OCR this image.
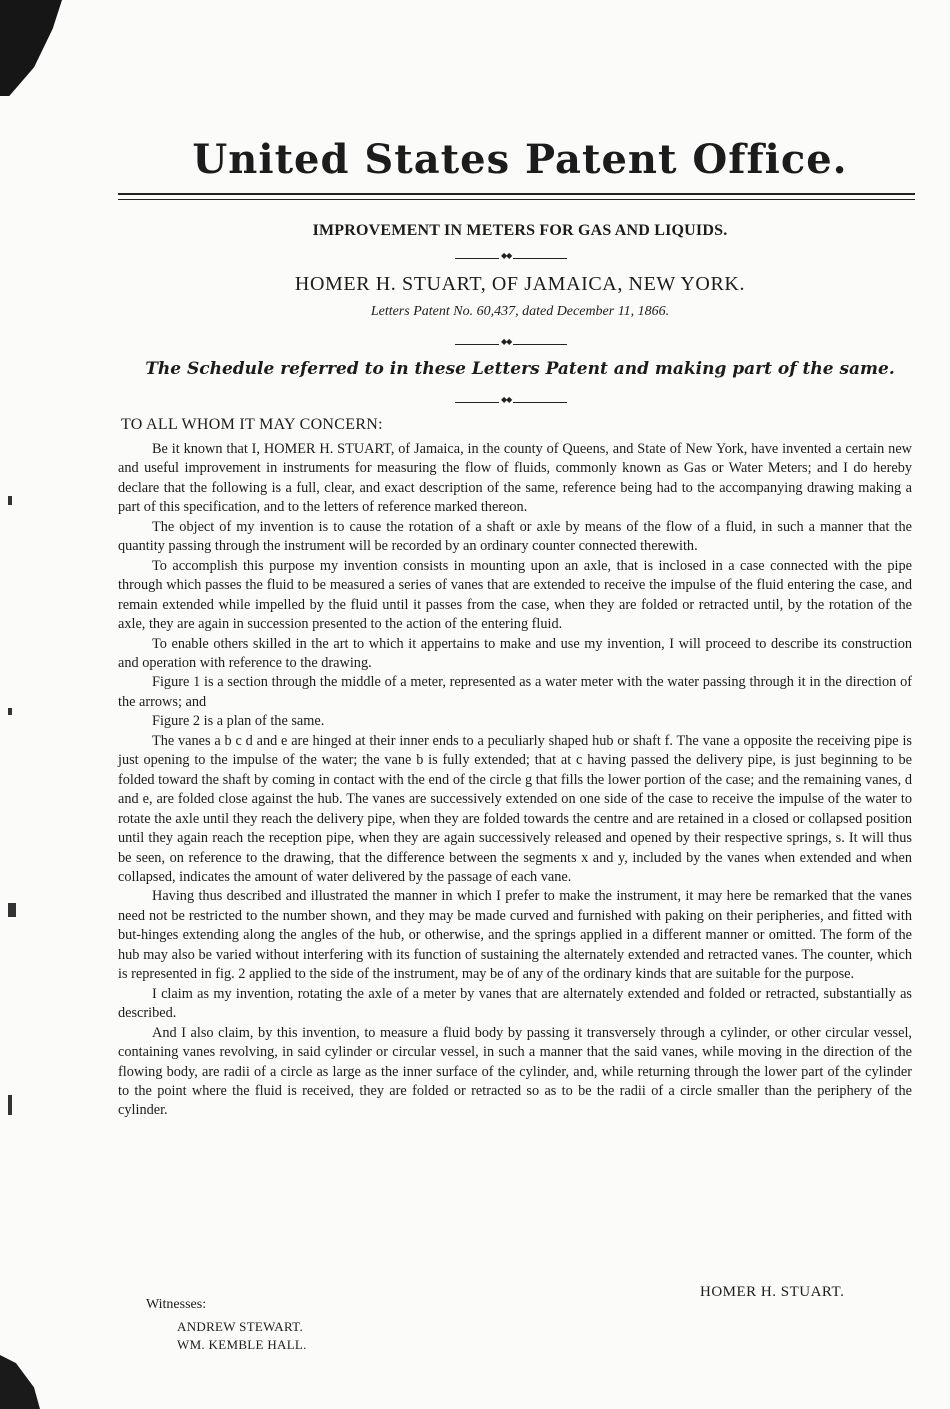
United States Patent Office.
IMPROVEMENT IN METERS FOR GAS AND LIQUIDS.
◆◆
HOMER H. STUART, OF JAMAICA, NEW YORK.
Letters Patent No. 60,437, dated December 11, 1866.
◆◆
The Schedule referred to in these Letters Patent and making part of the same.
◆◆
TO ALL WHOM IT MAY CONCERN:

Be it known that I, HOMER H. STUART, of Jamaica, in the county of Queens, and State of New York, have invented a certain new and useful improvement in instruments for measuring the flow of fluids, commonly known as Gas or Water Meters; and I do hereby declare that the following is a full, clear, and exact description of the same, reference being had to the accompanying drawing making a part of this specification, and to the letters of reference marked thereon.

The object of my invention is to cause the rotation of a shaft or axle by means of the flow of a fluid, in such a manner that the quantity passing through the instrument will be recorded by an ordinary counter connected therewith.

To accomplish this purpose my invention consists in mounting upon an axle, that is inclosed in a case connected with the pipe through which passes the fluid to be measured a series of vanes that are extended to receive the impulse of the fluid entering the case, and remain extended while impelled by the fluid until it passes from the case, when they are folded or retracted until, by the rotation of the axle, they are again in succession presented to the action of the entering fluid.

To enable others skilled in the art to which it appertains to make and use my invention, I will proceed to describe its construction and operation with reference to the drawing.

Figure 1 is a section through the middle of a meter, represented as a water meter with the water passing through it in the direction of the arrows; and

Figure 2 is a plan of the same.

The vanes a b c d and e are hinged at their inner ends to a peculiarly shaped hub or shaft f. The vane a opposite the receiving pipe is just opening to the impulse of the water; the vane b is fully extended; that at c having passed the delivery pipe, is just beginning to be folded toward the shaft by coming in contact with the end of the circle g that fills the lower portion of the case; and the remaining vanes, d and e, are folded close against the hub. The vanes are successively extended on one side of the case to receive the impulse of the water to rotate the axle until they reach the delivery pipe, when they are folded towards the centre and are retained in a closed or collapsed position until they again reach the reception pipe, when they are again successively released and opened by their respective springs, s. It will thus be seen, on reference to the drawing, that the difference between the segments x and y, included by the vanes when extended and when collapsed, indicates the amount of water delivered by the passage of each vane.

Having thus described and illustrated the manner in which I prefer to make the instrument, it may here be remarked that the vanes need not be restricted to the number shown, and they may be made curved and furnished with paking on their peripheries, and fitted with but-hinges extending along the angles of the hub, or otherwise, and the springs applied in a different manner or omitted. The form of the hub may also be varied without interfering with its function of sustaining the alternately extended and retracted vanes. The counter, which is represented in fig. 2 applied to the side of the instrument, may be of any of the ordinary kinds that are suitable for the purpose.

I claim as my invention, rotating the axle of a meter by vanes that are alternately extended and folded or retracted, substantially as described.

And I also claim, by this invention, to measure a fluid body by passing it transversely through a cylinder, or other circular vessel, containing vanes revolving, in said cylinder or circular vessel, in such a manner that the said vanes, while moving in the direction of the flowing body, are radii of a circle as large as the inner surface of the cylinder, and, while returning through the lower part of the cylinder to the point where the fluid is received, they are folded or retracted so as to be the radii of a circle smaller than the periphery of the cylinder.

HOMER H. STUART.
Witnesses:
ANDREW STEWART.
WM. KEMBLE HALL.
